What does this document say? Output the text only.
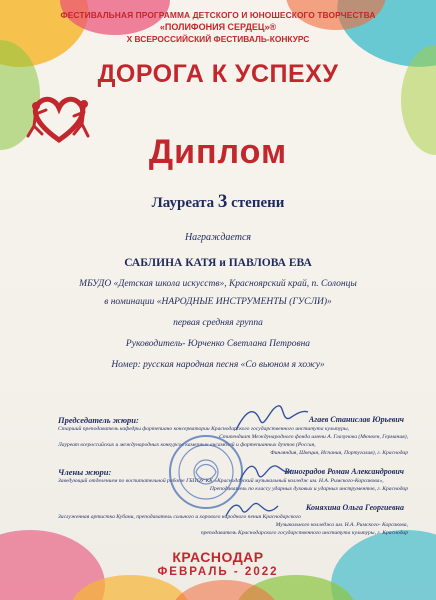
ФЕСТИВАЛЬНАЯ ПРОГРАММА ДЕТСКОГО И ЮНОШЕСКОГО ТВОРЧЕСТВА
«ПОЛИФОНИЯ СЕРДЕЦ»®
X ВСЕРОССИЙСКИЙ ФЕСТИВАЛЬ-КОНКУРС
ДОРОГА К УСПЕХУ
Диплом
Лауреата 3 степени
Награждается
САБЛИНА КАТЯ и ПАВЛОВА ЕВА
МБУДО «Детская школа искусств», Красноярский край, п. Солонцы
в номинации «НАРОДНЫЕ ИНСТРУМЕНТЫ (ГУСЛИ)»
первая средняя группа
Руководитель- Юрченко Светлана Петровна
Номер: русская народная песня «Со вьюном я хожу»
Председатель жюри:	Агаев Станислав Юрьевич
Старший преподаватель кафедры фортепиано консерватории Краснодарского государственного института культуры,
Стипендиат Международного фонда имени А. Глазунова (Мюнхен, Германия),
Лауреат всероссийских и международных конкурсов камерных ансамблей и фортепианных дуэтов (Россия,
Финляндия, Швеция, Испания, Португалия), г. Краснодар
Члены жюри:	Виноградов Роман Александрович
Заведующий отделением по воспитательной работе ГБПОУ КК «Краснодарский музыкальный колледж им. Н.А. Римского-Корсакова»,
Преподаватель по классу ударных духовых и ударных инструментов, г. Краснодар
Коняхина Ольга Георгиевна
Заслуженная артистка Кубани, преподаватель сольного и хорового народного пения Краснодарского
Музыкального колледжа им. Н.А. Римского- Корсакова,
преподаватель Краснодарского государственного института культуры, г. Краснодар
КРАСНОДАР
ФЕВРАЛЬ - 2022
